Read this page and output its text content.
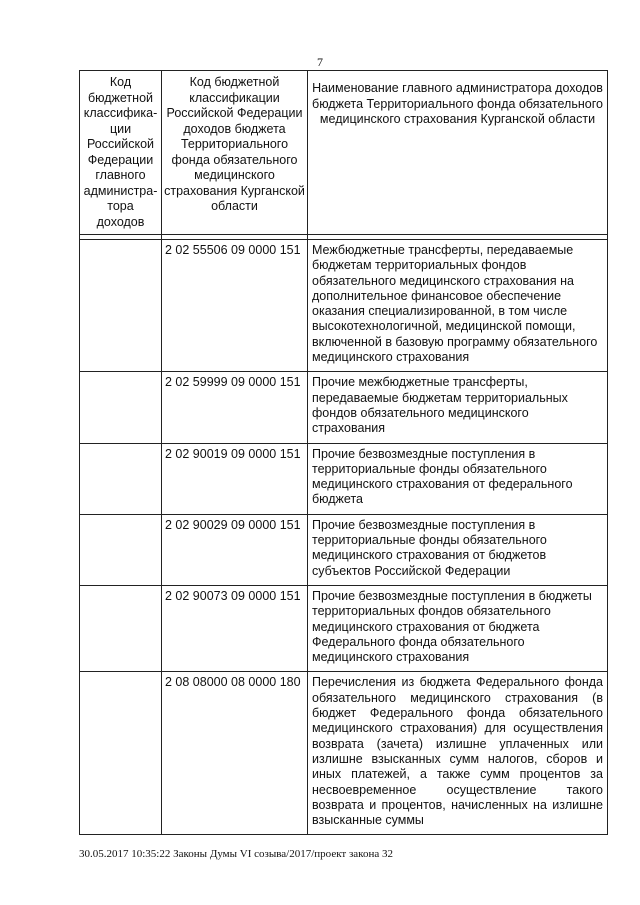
7
Код бюджетной классифика-ции Российской Федерации главного администра-тора доходов	Код бюджетной классификации Российской Федерации доходов бюджета Территориального фонда обязательного медицинского страхования Курганской области	Наименование главного администратора доходов бюджета Территориального фонда обязательного медицинского страхования Курганской области

	2 02 55506 09 0000 151	Межбюджетные трансферты, передаваемые бюджетам территориальных фондов обязательного медицинского страхования на дополнительное финансовое обеспечение оказания специализированной, в том числе высокотехнологичной, медицинской помощи, включенной в базовую программу обязательного медицинского страхования
	2 02 59999 09 0000 151	Прочие межбюджетные трансферты, передаваемые бюджетам территориальных фондов обязательного медицинского страхования
	2 02 90019 09 0000 151	Прочие безвозмездные поступления в территориальные фонды обязательного медицинского страхования от федерального бюджета
	2 02 90029 09 0000 151	Прочие безвозмездные поступления в территориальные фонды обязательного медицинского страхования от бюджетов субъектов Российской Федерации
	2 02 90073 09 0000 151	Прочие безвозмездные поступления в бюджеты территориальных фондов обязательного медицинского страхования от бюджета Федерального фонда обязательного медицинского страхования
	2 08 08000 08 0000 180	Перечисления из бюджета Федерального фонда обязательного медицинского страхования (в бюджет Федерального фонда обязательного медицинского страхования) для осуществления возврата (зачета) излишне уплаченных или излишне взысканных сумм налогов, сборов и иных платежей, а также сумм процентов за несвоевременное осуществление такого возврата и процентов, начисленных на излишне взысканные суммы
30.05.2017 10:35:22 Законы Думы VI созыва/2017/проект закона 32
